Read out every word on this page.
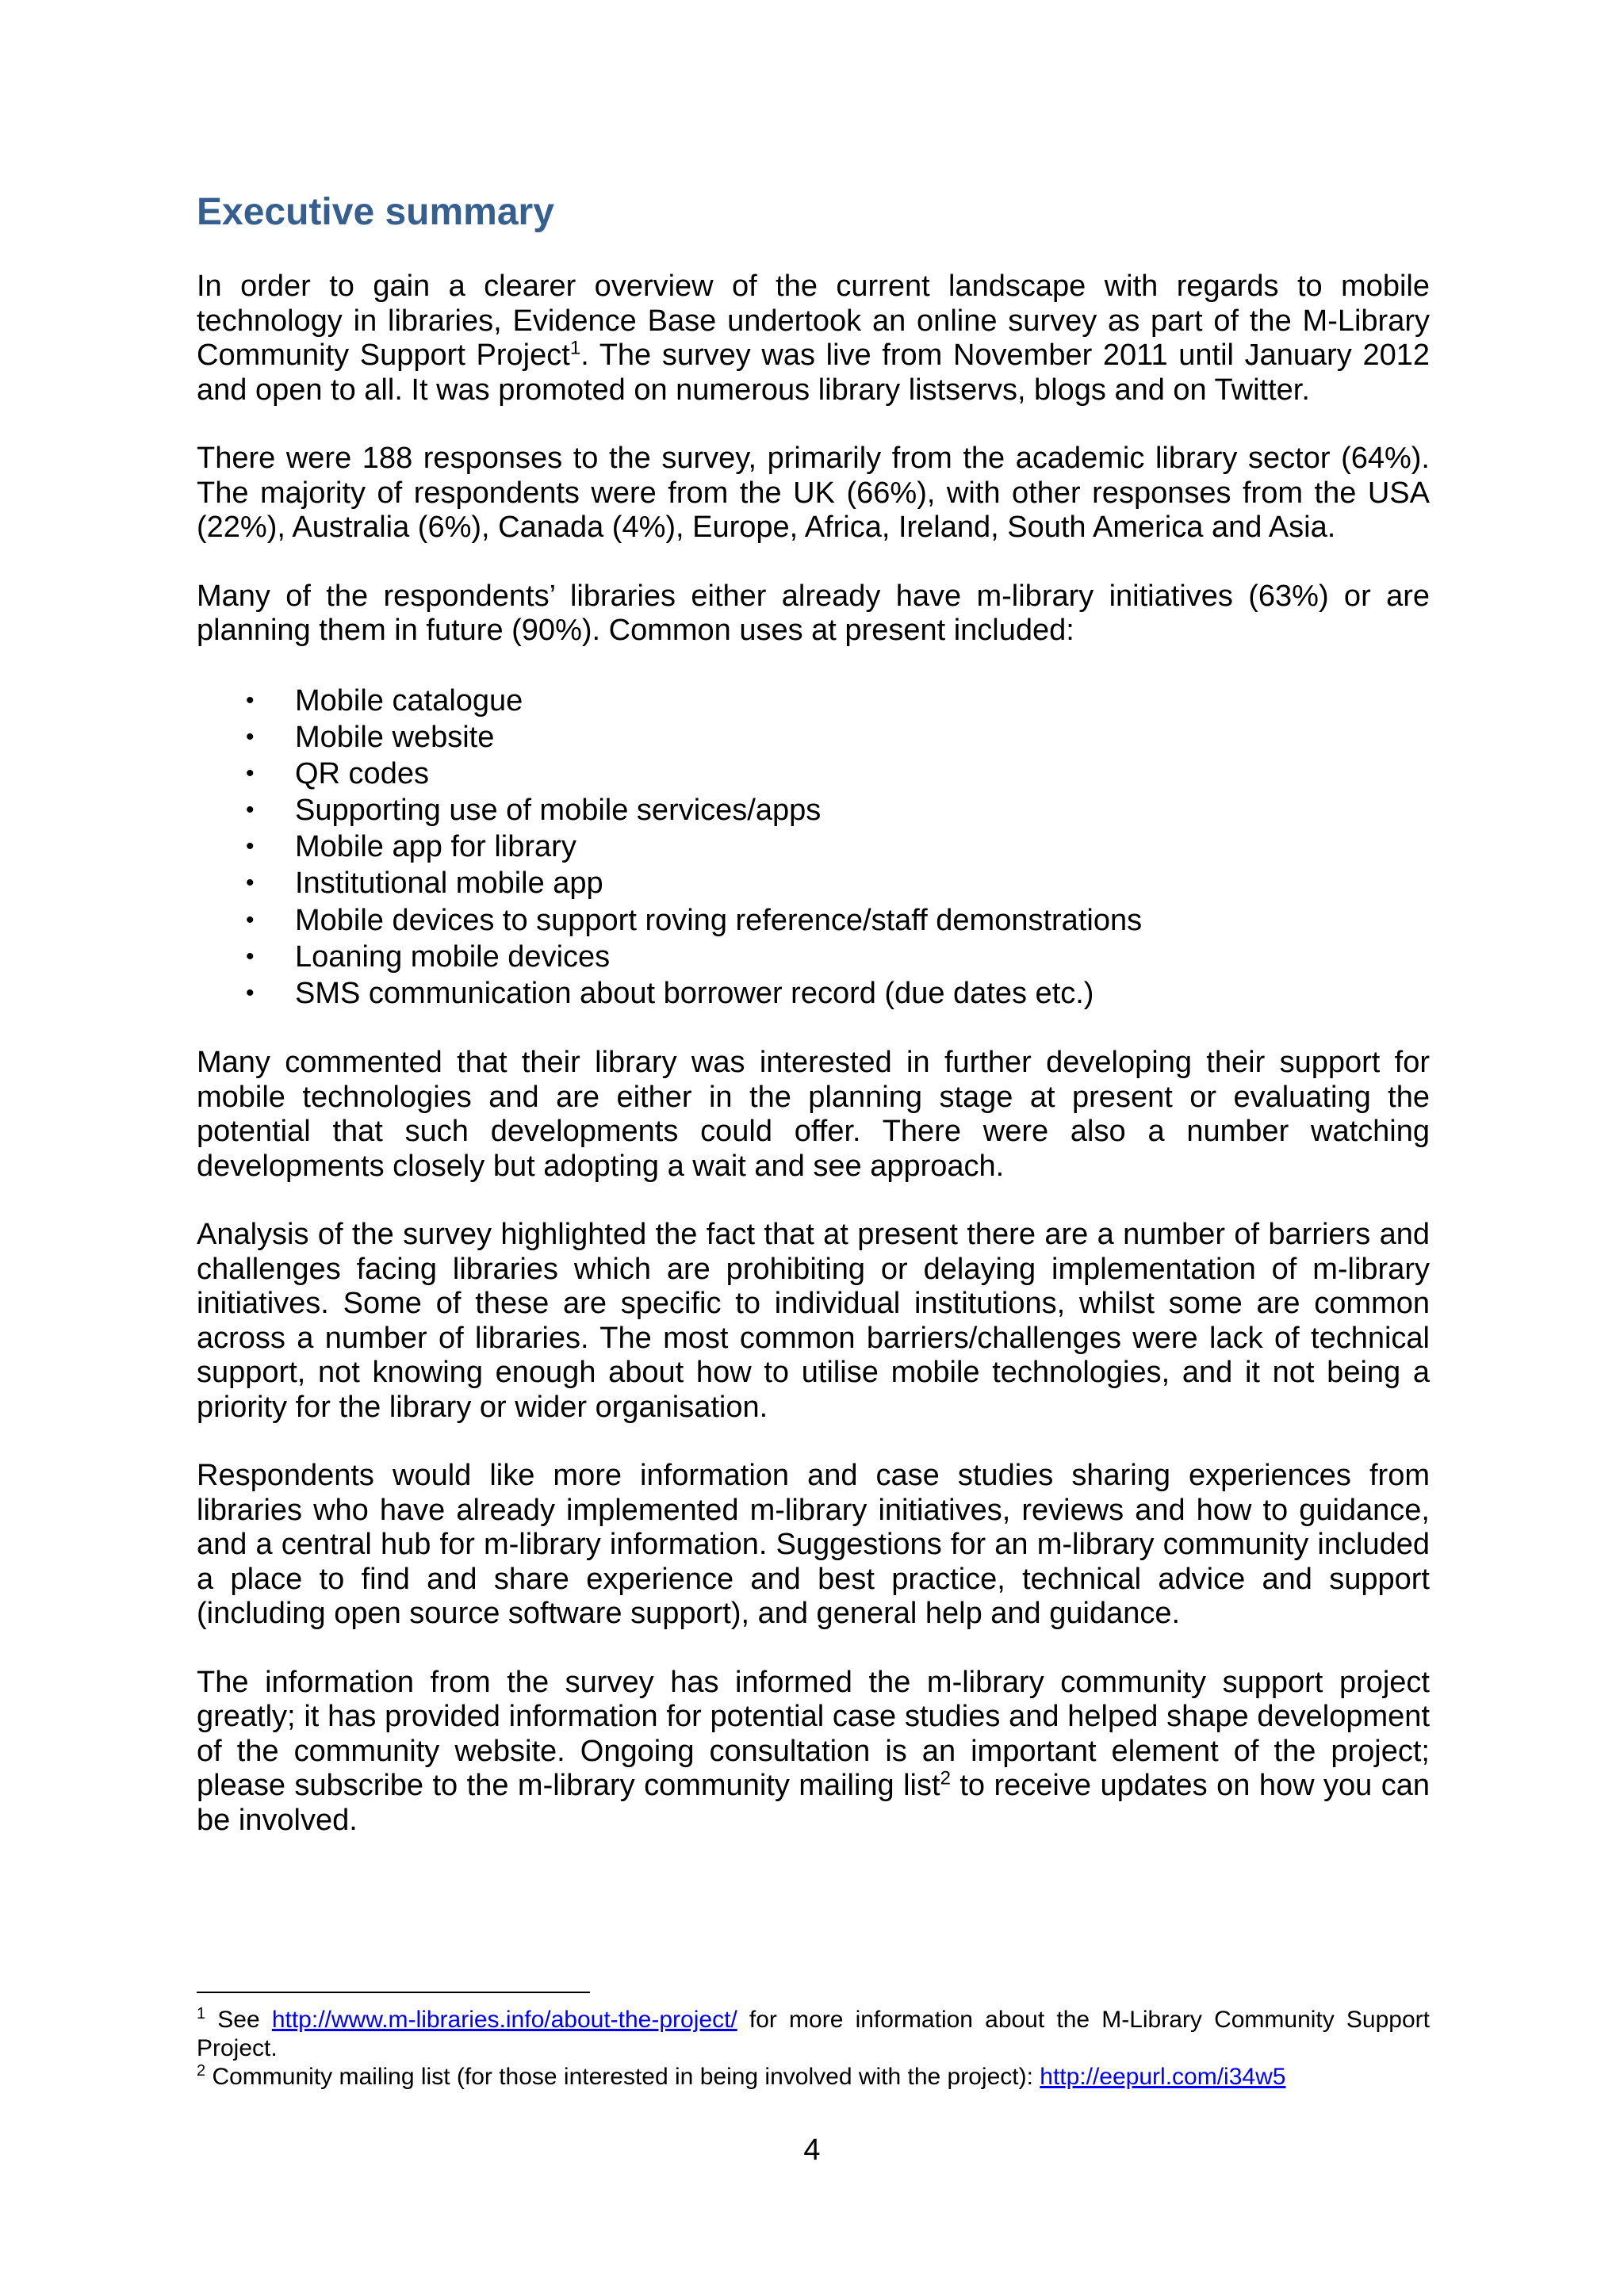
Executive summary

In order to gain a clearer overview of the current landscape with regards to mobile technology in libraries, Evidence Base undertook an online survey as part of the M-Library Community Support Project$^1$. The survey was live from November 2011 until January 2012 and open to all. It was promoted on numerous library listservs, blogs and on Twitter.

There were 188 responses to the survey, primarily from the academic library sector (64%). The majority of respondents were from the UK (66%), with other responses from the USA (22%), Australia (6%), Canada (4%), Europe, Africa, Ireland, South America and Asia.

Many of the respondents’ libraries either already have m-library initiatives (63%) or are planning them in future (90%). Common uses at present included:

• Mobile catalogue
• Mobile website
• QR codes
• Supporting use of mobile services/apps
• Mobile app for library
• Institutional mobile app
• Mobile devices to support roving reference/staff demonstrations
• Loaning mobile devices
• SMS communication about borrower record (due dates etc.)

Many commented that their library was interested in further developing their support for mobile technologies and are either in the planning stage at present or evaluating the potential that such developments could offer. There were also a number watching developments closely but adopting a wait and see approach.

Analysis of the survey highlighted the fact that at present there are a number of barriers and challenges facing libraries which are prohibiting or delaying implementation of m-library initiatives. Some of these are specific to individual institutions, whilst some are common across a number of libraries. The most common barriers/challenges were lack of technical support, not knowing enough about how to utilise mobile technologies, and it not being a priority for the library or wider organisation.

Respondents would like more information and case studies sharing experiences from libraries who have already implemented m-library initiatives, reviews and how to guidance, and a central hub for m-library information. Suggestions for an m-library community included a place to find and share experience and best practice, technical advice and support (including open source software support), and general help and guidance.

The information from the survey has informed the m-library community support project greatly; it has provided information for potential case studies and helped shape development of the community website. Ongoing consultation is an important element of the project; please subscribe to the m-library community mailing list$^2$ to receive updates on how you can be involved.

$^1$ See http://www.m-libraries.info/about-the-project/ for more information about the M-Library Community Support Project.

$^2$ Community mailing list (for those interested in being involved with the project): http://eepurl.com/i34w5

4
